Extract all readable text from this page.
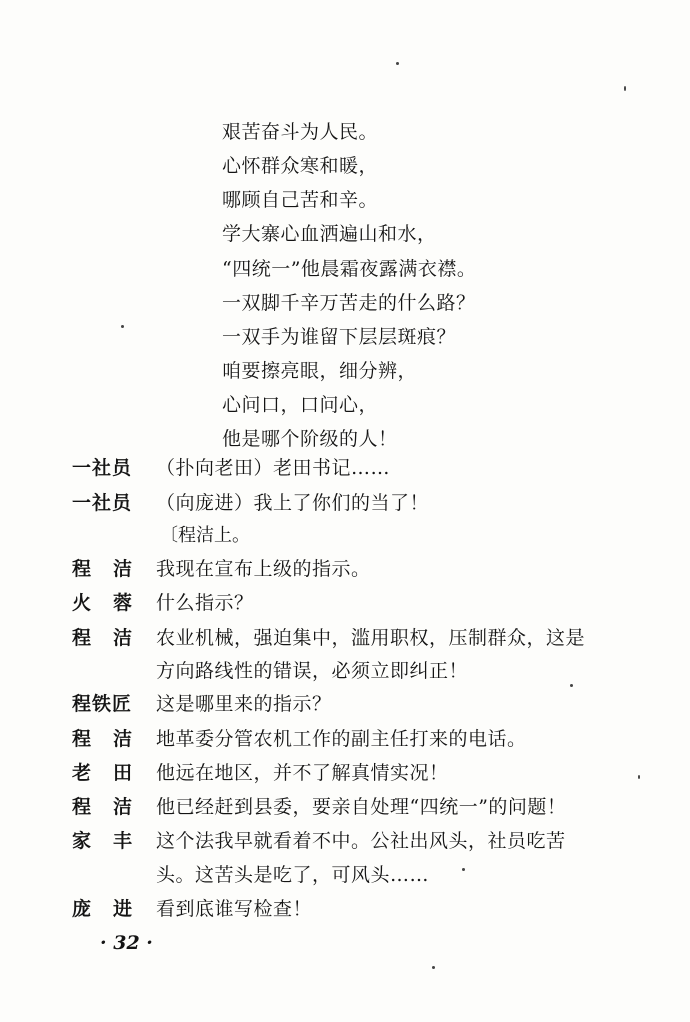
艰苦奋斗为人民。
心怀群众寒和暖，
哪顾自己苦和辛。
学大寨心血洒遍山和水，
“四统一”他晨霜夜露满衣襟。
一双脚千辛万苦走的什么路？
一双手为谁留下层层斑痕？
咱要擦亮眼，细分辨，
心问口，口问心，
他是哪个阶级的人！
一社员 （扑向老田）老田书记……
一社员 （向庞进）我上了你们的当了！
〔程洁上。
程洁 我现在宣布上级的指示。
火蓉 什么指示？
程洁 农业机械，强迫集中，滥用职权，压制群众，这是
方向路线性的错误，必须立即纠正！
程铁匠 这是哪里来的指示？
程洁 地革委分管农机工作的副主任打来的电话。
老田 他远在地区，并不了解真情实况！
程洁 他已经赶到县委，要亲自处理“四统一”的问题！
家丰 这个法我早就看着不中。公社出风头，社员吃苦
头。这苦头是吃了，可风头……
庞进 看到底谁写检查！
· 32 ·
